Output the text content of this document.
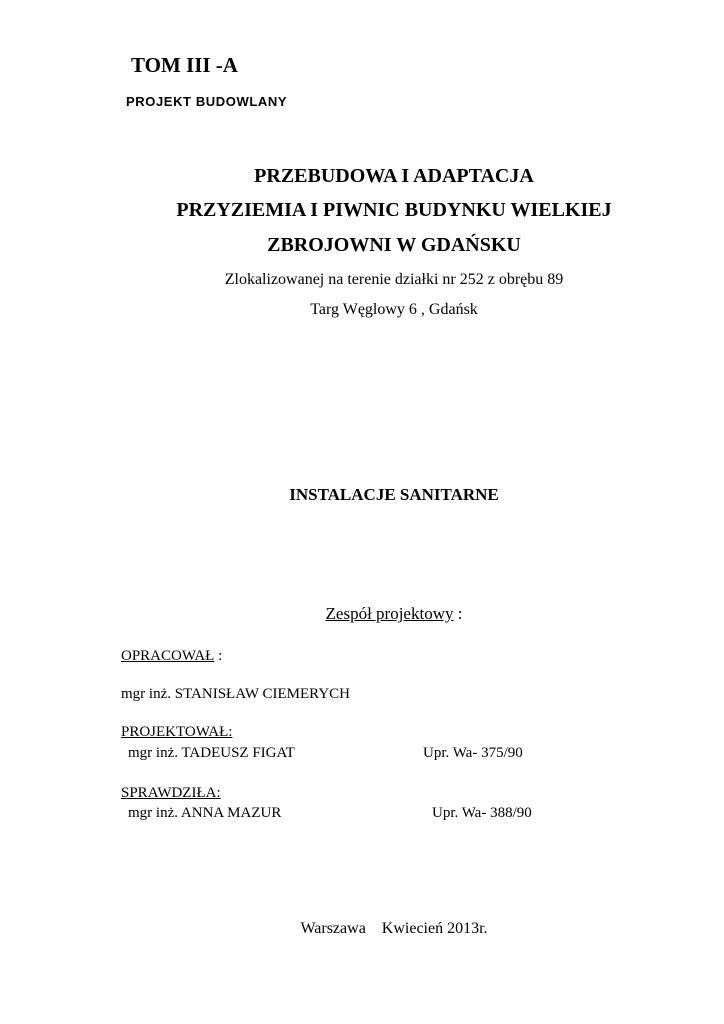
TOM III -A
PROJEKT BUDOWLANY
PRZEBUDOWA I ADAPTACJA
PRZYZIEMIA I PIWNIC BUDYNKU WIELKIEJ
ZBROJOWNI W GDAŃSKU
Zlokalizowanej na terenie działki nr 252 z obrębu 89
Targ Węglowy 6 , Gdańsk
INSTALACJE SANITARNE
Zespół projektowy :
OPRACOWAŁ :
mgr inż. STANISŁAW CIEMERYCH
PROJEKTOWAŁ:
mgr inż. TADEUSZ FIGAT	Upr. Wa- 375/90
SPRAWDZIŁA:
mgr inż. ANNA MAZUR	Upr. Wa- 388/90
Warszawa Kwiecień 2013r.
